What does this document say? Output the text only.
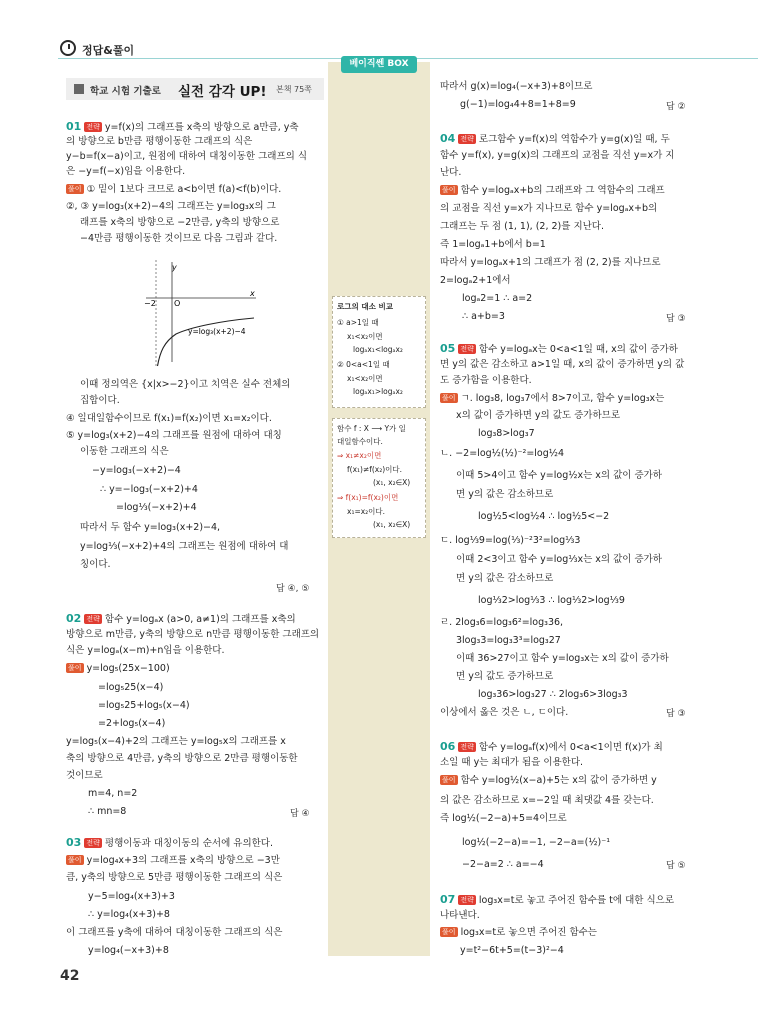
정답&풀이
베이직쎈 BOX
학교 시험 기출로 실전 감각 UP! 본책 75쪽
01 전략 y=f(x)의 그래프를 x축의 방향으로 a만큼, y축
의 방향으로 b만큼 평행이동한 그래프의 식은
y−b=f(x−a)이고, 원점에 대하여 대칭이동한 그래프의 식
은 −y=f(−x)임을 이용한다.
풀이 ① 밑이 1보다 크므로 a<b이면 f(a)<f(b)이다.
②, ③ y=log₃(x+2)−4의 그래프는 y=log₃x의 그
래프를 x축의 방향으로 −2만큼, y축의 방향으로
−4만큼 평행이동한 것이므로 다음 그림과 같다.
y
x
−2 O
y=log₃(x+2)−4
이때 정의역은 {x|x>−2}이고 치역은 실수 전체의
집합이다.
④ 일대일함수이므로 f(x₁)=f(x₂)이면 x₁=x₂이다.
⑤ y=log₃(x+2)−4의 그래프를 원점에 대하여 대칭
이동한 그래프의 식은
−y=log₃(−x+2)−4
∴ y=−log₃(−x+2)+4
=log⅓(−x+2)+4
따라서 두 함수 y=log₃(x+2)−4,
y=log⅓(−x+2)+4의 그래프는 원점에 대하여 대
칭이다.
답 ④, ⑤
02 전략 함수 y=logₐx (a>0, a≠1)의 그래프를 x축의
방향으로 m만큼, y축의 방향으로 n만큼 평행이동한 그래프의
식은 y=logₐ(x−m)+n임을 이용한다.
풀이 y=log₅(25x−100)
=log₅25(x−4)
=log₅25+log₅(x−4)
=2+log₅(x−4)
y=log₅(x−4)+2의 그래프는 y=log₅x의 그래프를 x
축의 방향으로 4만큼, y축의 방향으로 2만큼 평행이동한
것이므로
m=4, n=2
∴ mn=8	답 ④
03 전략 평행이동과 대칭이동의 순서에 유의한다.
풀이 y=log₄x+3의 그래프를 x축의 방향으로 −3만
큼, y축의 방향으로 5만큼 평행이동한 그래프의 식은
y−5=log₄(x+3)+3
∴ y=log₄(x+3)+8
이 그래프를 y축에 대하여 대칭이동한 그래프의 식은
y=log₄(−x+3)+8
로그의 대소 비교
① a>1일 때
x₁<x₂이면
logₐx₁<logₐx₂
② 0<a<1일 때
x₁<x₂이면
logₐx₁>logₐx₂
함수 f : X ⟶ Y가 일
대일함수이다.
⇒ x₁≠x₂이면
f(x₁)≠f(x₂)이다.
(x₁, x₂∈X)
⇒ f(x₁)=f(x₂)이면
x₁=x₂이다.
(x₁, x₂∈X)
따라서 g(x)=log₄(−x+3)+8이므로
g(−1)=log₄4+8=1+8=9	답 ②
04 전략 로그함수 y=f(x)의 역함수가 y=g(x)일 때, 두
함수 y=f(x), y=g(x)의 그래프의 교점을 직선 y=x가 지
난다.
풀이 함수 y=logₐx+b의 그래프와 그 역함수의 그래프
의 교점을 직선 y=x가 지나므로 함수 y=logₐx+b의
그래프는 두 점 (1, 1), (2, 2)를 지난다.
즉 1=logₐ1+b에서 b=1
따라서 y=logₐx+1의 그래프가 점 (2, 2)를 지나므로
2=logₐ2+1에서
logₐ2=1 ∴ a=2
∴ a+b=3	답 ③
05 전략 함수 y=logₐx는 0<a<1일 때, x의 값이 증가하
면 y의 값은 감소하고 a>1일 때, x의 값이 증가하면 y의 값
도 증가함을 이용한다.
풀이 ㄱ. log₃8, log₃7에서 8>7이고, 함수 y=log₃x는
x의 값이 증가하면 y의 값도 증가하므로
log₃8>log₃7
ㄴ. −2=log½(½)⁻²=log½4
이때 5>4이고 함수 y=log½x는 x의 값이 증가하
면 y의 값은 감소하므로
log½5<log½4 ∴ log½5<−2
ㄷ. log⅓9=log(⅓)⁻²3²=log⅓3
이때 2<3이고 함수 y=log⅓x는 x의 값이 증가하
면 y의 값은 감소하므로
log⅓2>log⅓3 ∴ log⅓2>log⅓9
ㄹ. 2log₃6=log₃6²=log₃36,
3log₃3=log₃3³=log₃27
이때 36>27이고 함수 y=log₃x는 x의 값이 증가하
면 y의 값도 증가하므로
log₃36>log₃27 ∴ 2log₃6>3log₃3
이상에서 옳은 것은 ㄴ, ㄷ이다.	답 ③
06 전략 함수 y=logₐf(x)에서 0<a<1이면 f(x)가 최
소일 때 y는 최대가 됨을 이용한다.
풀이 함수 y=log½(x−a)+5는 x의 값이 증가하면 y
의 값은 감소하므로 x=−2일 때 최댓값 4를 갖는다.
즉 log½(−2−a)+5=4이므로
log½(−2−a)=−1, −2−a=(½)⁻¹
−2−a=2 ∴ a=−4	답 ⑤
07 전략 log₃x=t로 놓고 주어진 함수를 t에 대한 식으로
나타낸다.
풀이 log₃x=t로 놓으면 주어진 함수는
y=t²−6t+5=(t−3)²−4
42
